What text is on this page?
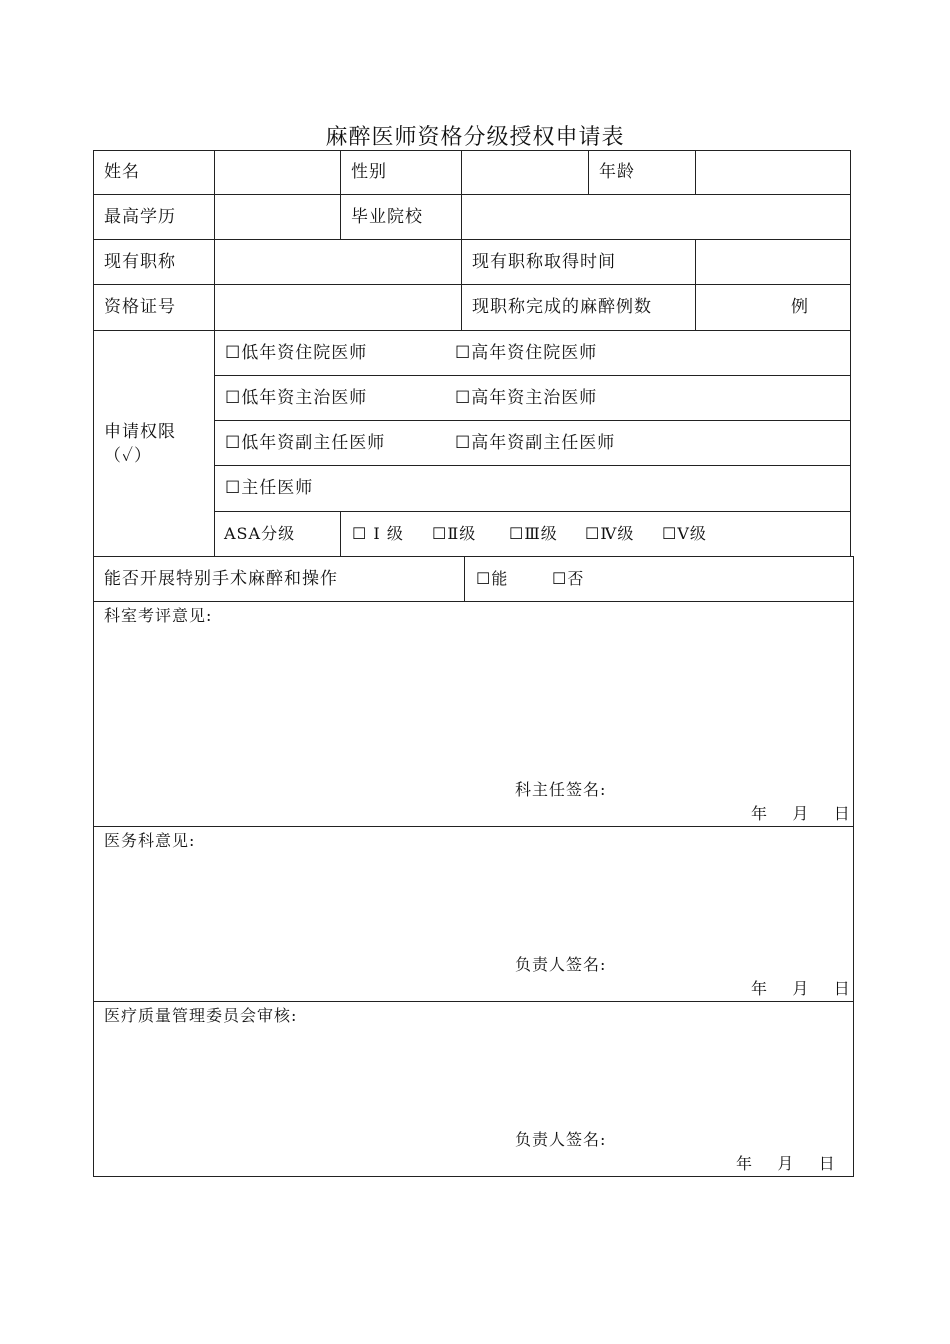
麻醉医师资格分级授权申请表
姓名	性别	年龄
最高学历	毕业院校
现有职称	现有职称取得时间
资格证号	现职称完成的麻醉例数	例
申请权限
（✓）
☐低年资住院医师	☐高年资住院医师
☐低年资主治医师	☐高年资主治医师
☐低年资副主任医师	☐高年资副主任医师
☐主任医师
ASA分级	☐ Ⅰ 级 ☐Ⅱ级 ☐Ⅲ级 ☐Ⅳ级 ☐Ⅴ级
能否开展特别手术麻醉和操作	☐能	☐否
科室考评意见:
科主任签名:
年    月    日
医务科意见:
负责人签名:
年    月    日
医疗质量管理委员会审核:
负责人签名:
年    月    日
